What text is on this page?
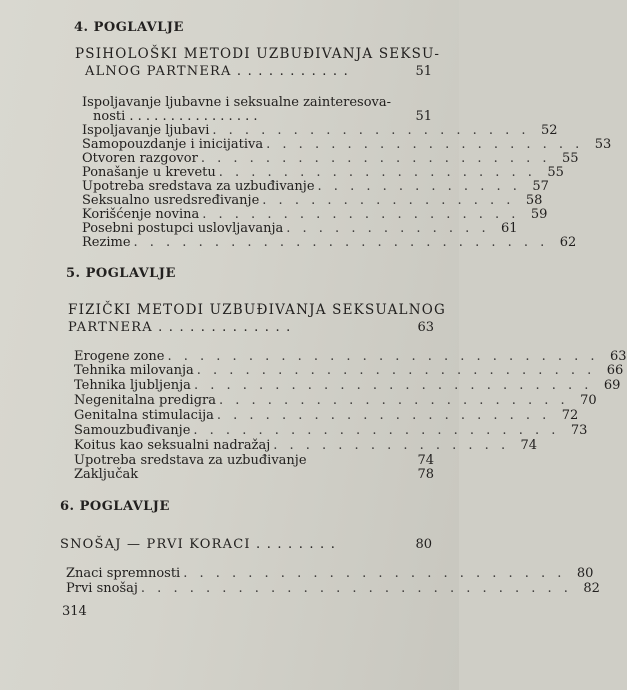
4. POGLAVLJE
PSIHOLOŠKI METODI UZBUĐIVANJA SEKSU-
ALNOG PARTNERA . . . . . . . . . . .	51
Ispoljavanje ljubavne i seksualne zainteresova-
nosti . . . . . . . . . . . . . . . .	51
Ispoljavanje ljubavi . . . . . . . . . . . . . . . . . . . . 52
Samopouzdanje i inicijativa . . . . . . . . . . . . . . . . . . . . 53
Otvoren razgovor . . . . . . . . . . . . . . . . . . . . . . 55
Ponašanje u krevetu . . . . . . . . . . . . . . . . . . . . 55
Upotreba sredstava za uzbuđivanje . . . . . . . . . . . . . 57
Seksualno usredsređivanje . . . . . . . . . . . . . . . . 58
Korišćenje novina . . . . . . . . . . . . . . . . . . . . 59
Posebni postupci uslovljavanja . . . . . . . . . . . . . 61
Rezime . . . . . . . . . . . . . . . . . . . . . . . . . . 62
5. POGLAVLJE
FIZIČKI METODI UZBUĐIVANJA SEKSUALNOG
PARTNERA . . . . . . . . . . . . .	63
Erogene zone . . . . . . . . . . . . . . . . . . . . . . . . . . . 63
Tehnika milovanja . . . . . . . . . . . . . . . . . . . . . . . . . 66
Tehnika ljubljenja . . . . . . . . . . . . . . . . . . . . . . . . . 69
Negenitalna predigra . . . . . . . . . . . . . . . . . . . . . . 70
Genitalna stimulacija . . . . . . . . . . . . . . . . . . . . . 72
Samouzbuđivanje . . . . . . . . . . . . . . . . . . . . . . . 73
Koitus kao seksualni nadražaj . . . . . . . . . . . . . . . 74
Upotreba sredstava za uzbuđivanje	74
Zaključak	78
6. POGLAVLJE
SNOŠAJ — PRVI KORACI . . . . . . . .	80
Znaci spremnosti . . . . . . . . . . . . . . . . . . . . . . . . 80
Prvi snošaj . . . . . . . . . . . . . . . . . . . . . . . . . . . 82
314
